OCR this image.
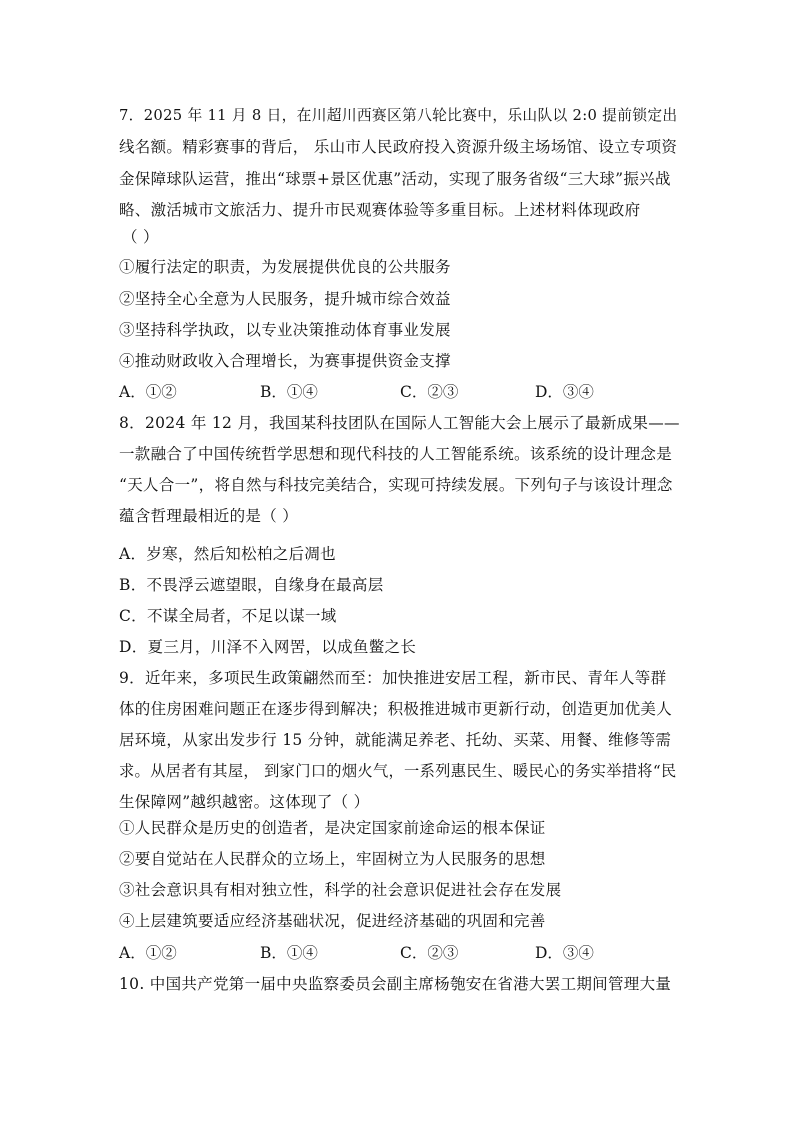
7．2025 年 11 月 8 日，在川超川西赛区第八轮比赛中，乐山队以 2:0 提前锁定出
线名额。精彩赛事的背后， 乐山市人民政府投入资源升级主场场馆、设立专项资
金保障球队运营，推出“球票+景区优惠”活动，实现了服务省级“三大球”振兴战
略、激活城市文旅活力、提升市民观赛体验等多重目标。上述材料体现政府
（ ）
①履行法定的职责，为发展提供优良的公共服务
②坚持全心全意为人民服务，提升城市综合效益
③坚持科学执政，以专业决策推动体育事业发展
④推动财政收入合理增长，为赛事提供资金支撑
A．①②	B．①④	C．②③	D．③④
8．2024 年 12 月，我国某科技团队在国际人工智能大会上展示了最新成果——
一款融合了中国传统哲学思想和现代科技的人工智能系统。该系统的设计理念是
“天人合一”，将自然与科技完美结合，实现可持续发展。下列句子与该设计理念
蕴含哲理最相近的是（ ）
A．岁寒，然后知松柏之后凋也
B．不畏浮云遮望眼，自缘身在最高层
C．不谋全局者，不足以谋一域
D．夏三月，川泽不入网罟，以成鱼鳖之长
9．近年来，多项民生政策翩然而至：加快推进安居工程，新市民、青年人等群
体的住房困难问题正在逐步得到解决；积极推进城市更新行动，创造更加优美人
居环境，从家出发步行 15 分钟，就能满足养老、托幼、买菜、用餐、维修等需
求。从居者有其屋， 到家门口的烟火气，一系列惠民生、暖民心的务实举措将“民
生保障网”越织越密。这体现了（ ）
①人民群众是历史的创造者，是决定国家前途命运的根本保证
②要自觉站在人民群众的立场上，牢固树立为人民服务的思想
③社会意识具有相对独立性，科学的社会意识促进社会存在发展
④上层建筑要适应经济基础状况，促进经济基础的巩固和完善
A．①②	B．①④	C．②③	D．③④
10. 中国共产党第一届中央监察委员会副主席杨匏安在省港大罢工期间管理大量
